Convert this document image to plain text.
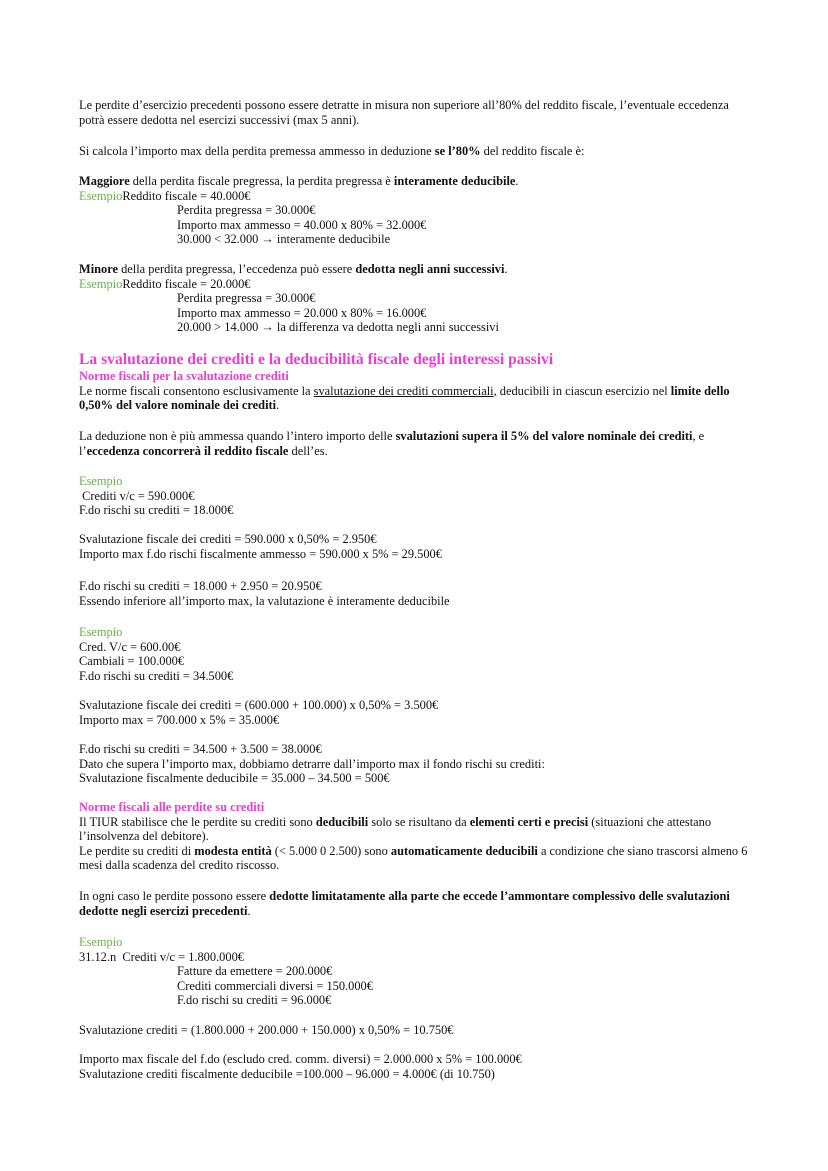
Le perdite d’esercizio precedenti possono essere detratte in misura non superiore all’80% del reddito fiscale, l’eventuale eccedenza potrà essere dedotta nel esercizi successivi (max 5 anni).

Si calcola l’importo max della perdita premessa ammesso in deduzione se l’80% del reddito fiscale è:

Maggiore della perdita fiscale pregressa, la perdita pregressa è interamente deducibile.

EsempioReddito fiscale = 40.000€

Perdita pregressa = 30.000€

Importo max ammesso = 40.000 x 80% = 32.000€

30.000 < 32.000 → interamente deducibile

Minore della perdita pregressa, l’eccedenza può essere dedotta negli anni successivi.

EsempioReddito fiscale = 20.000€

Perdita pregressa = 30.000€

Importo max ammesso = 20.000 x 80% = 16.000€

20.000 > 14.000 → la differenza va dedotta negli anni successivi

La svalutazione dei crediti e la deducibilità fiscale degli interessi passivi

Norme fiscali per la svalutazione crediti

Le norme fiscali consentono esclusivamente la svalutazione dei crediti commerciali, deducibili in ciascun esercizio nel limite dello 0,50% del valore nominale dei crediti.

La deduzione non è più ammessa quando l’intero importo delle svalutazioni supera il 5% del valore nominale dei crediti, e l’eccedenza concorrerà il reddito fiscale dell’es.

Esempio

Crediti v/c = 590.000€

F.do rischi su crediti = 18.000€

Svalutazione fiscale dei crediti = 590.000 x 0,50% = 2.950€

Importo max f.do rischi fiscalmente ammesso = 590.000 x 5% = 29.500€

F.do rischi su crediti = 18.000 + 2.950 = 20.950€

Essendo inferiore all’importo max, la valutazione è interamente deducibile

Esempio

Cred. V/c = 600.00€

Cambiali = 100.000€

F.do rischi su crediti = 34.500€

Svalutazione fiscale dei crediti = (600.000 + 100.000) x 0,50% = 3.500€

Importo max = 700.000 x 5% = 35.000€

F.do rischi su crediti = 34.500 + 3.500 = 38.000€

Dato che supera l’importo max, dobbiamo detrarre dall’importo max il fondo rischi su crediti:

Svalutazione fiscalmente deducibile = 35.000 – 34.500 = 500€

Norme fiscali alle perdite su crediti

Il TIUR stabilisce che le perdite su crediti sono deducibili solo se risultano da elementi certi e precisi (situazioni che attestano l’insolvenza del debitore).

Le perdite su crediti di modesta entità (< 5.000 0 2.500) sono automaticamente deducibili a condizione che siano trascorsi almeno 6 mesi dalla scadenza del credito riscosso.

In ogni caso le perdite possono essere dedotte limitatamente alla parte che eccede l’ammontare complessivo delle svalutazioni dedotte negli esercizi precedenti.

Esempio

31.12.n  Crediti v/c = 1.800.000€

Fatture da emettere = 200.000€

Crediti commerciali diversi = 150.000€

F.do rischi su crediti = 96.000€

Svalutazione crediti = (1.800.000 + 200.000 + 150.000) x 0,50% = 10.750€

Importo max fiscale del f.do (escludo cred. comm. diversi) = 2.000.000 x 5% = 100.000€

Svalutazione crediti fiscalmente deducibile =100.000 – 96.000 = 4.000€ (di 10.750)
